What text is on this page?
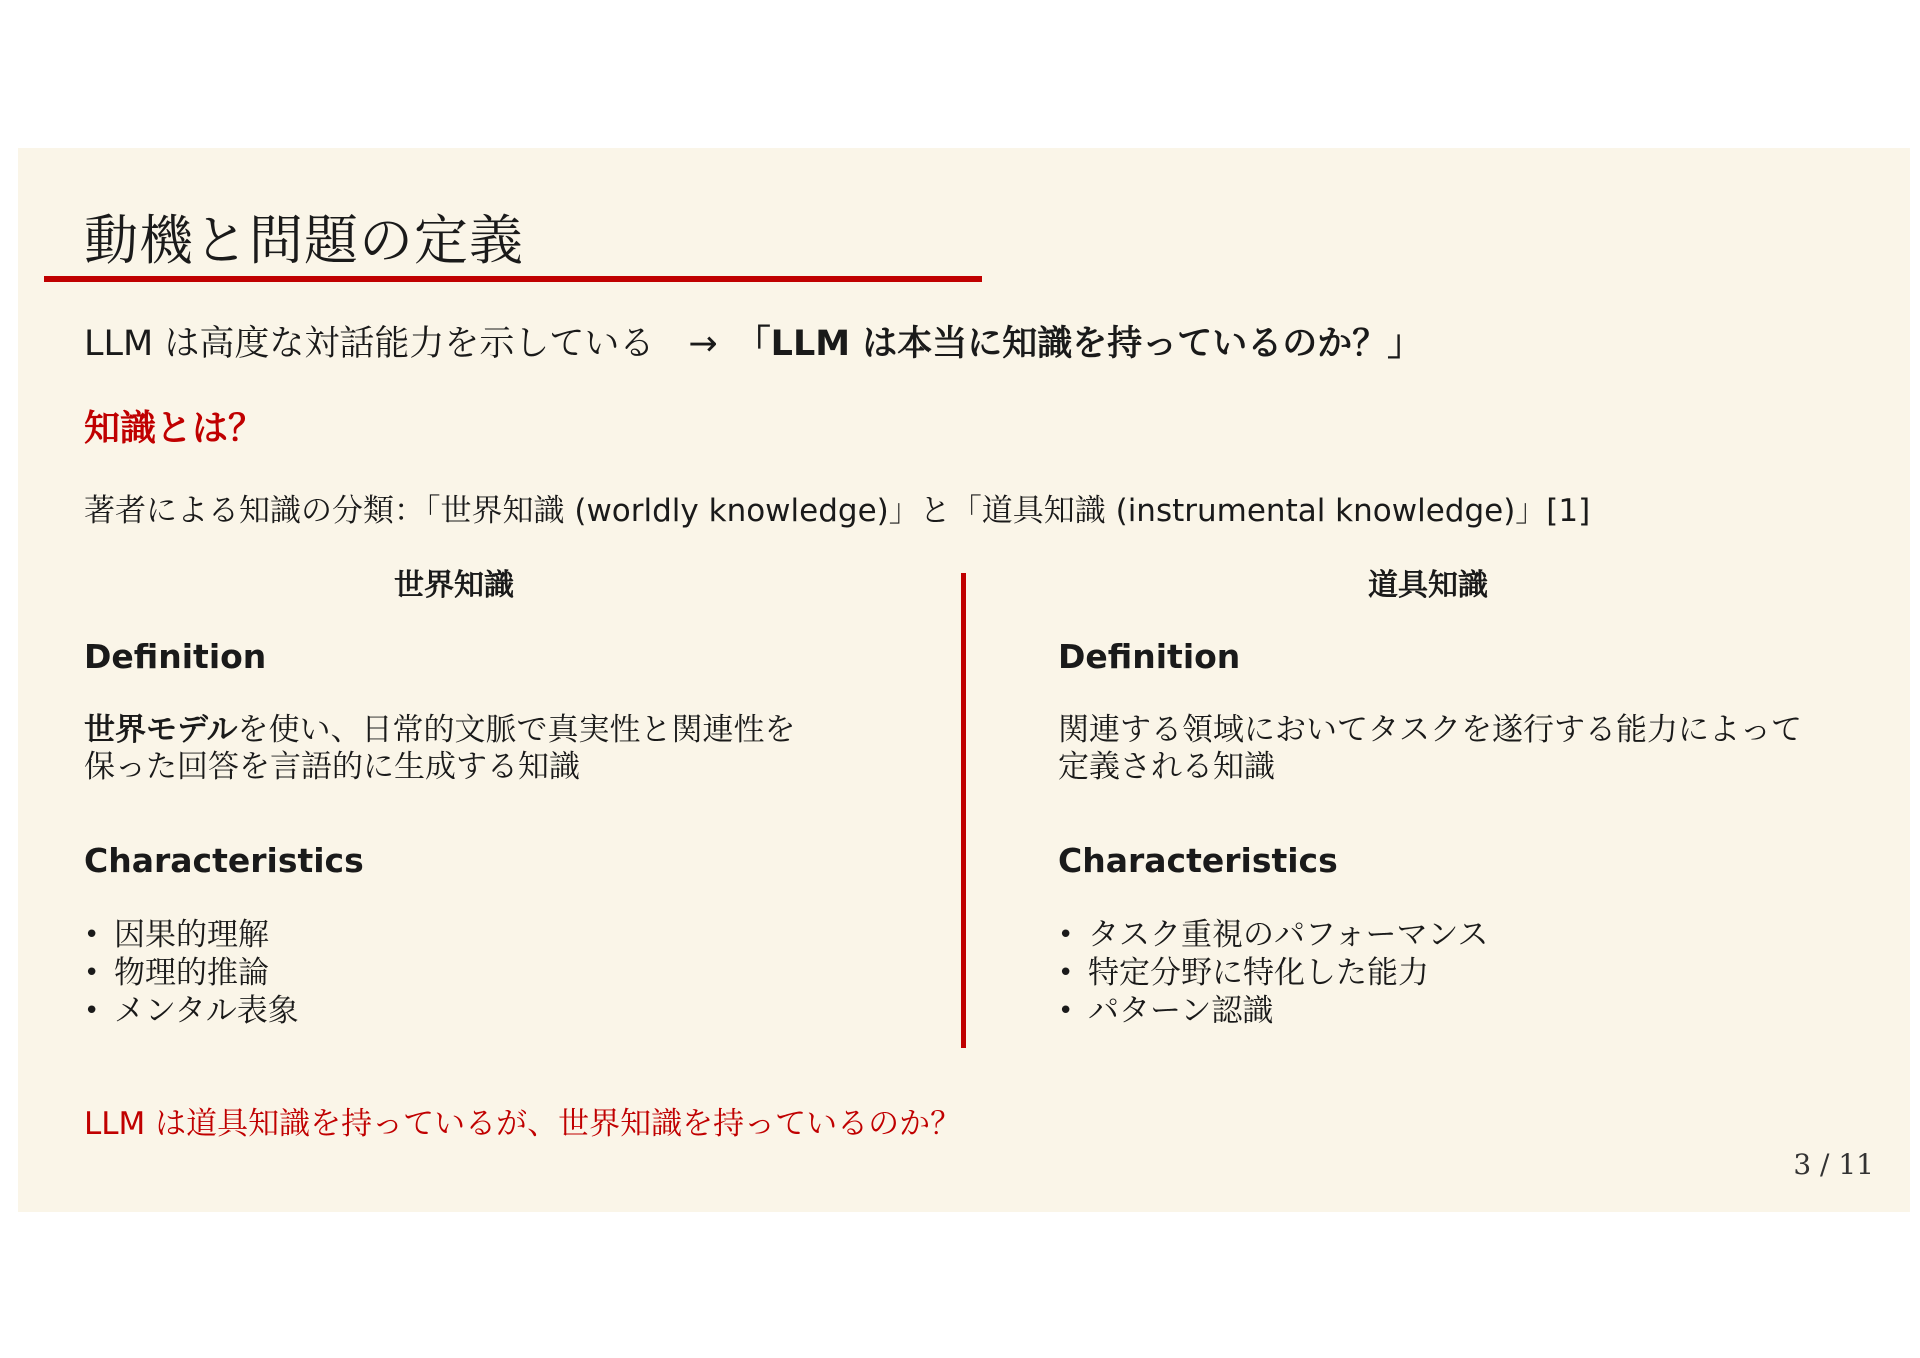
動機と問題の定義
LLM は高度な対話能力を示している → 「LLM は本当に知識を持っているのか？」
知識とは？
著者による知識の分類：「世界知識 (worldly knowledge)」と「道具知識 (instrumental knowledge)」[1]
世界知識
Definition
世界モデルを使い、日常的文脈で真実性と関連性を
保った回答を言語的に生成する知識
Characteristics
• 因果的理解
• 物理的推論
• メンタル表象
道具知識
Definition
関連する領域においてタスクを遂行する能力によって
定義される知識
Characteristics
• タスク重視のパフォーマンス
• 特定分野に特化した能力
• パターン認識
LLM は道具知識を持っているが、世界知識を持っているのか？
3 / 11
